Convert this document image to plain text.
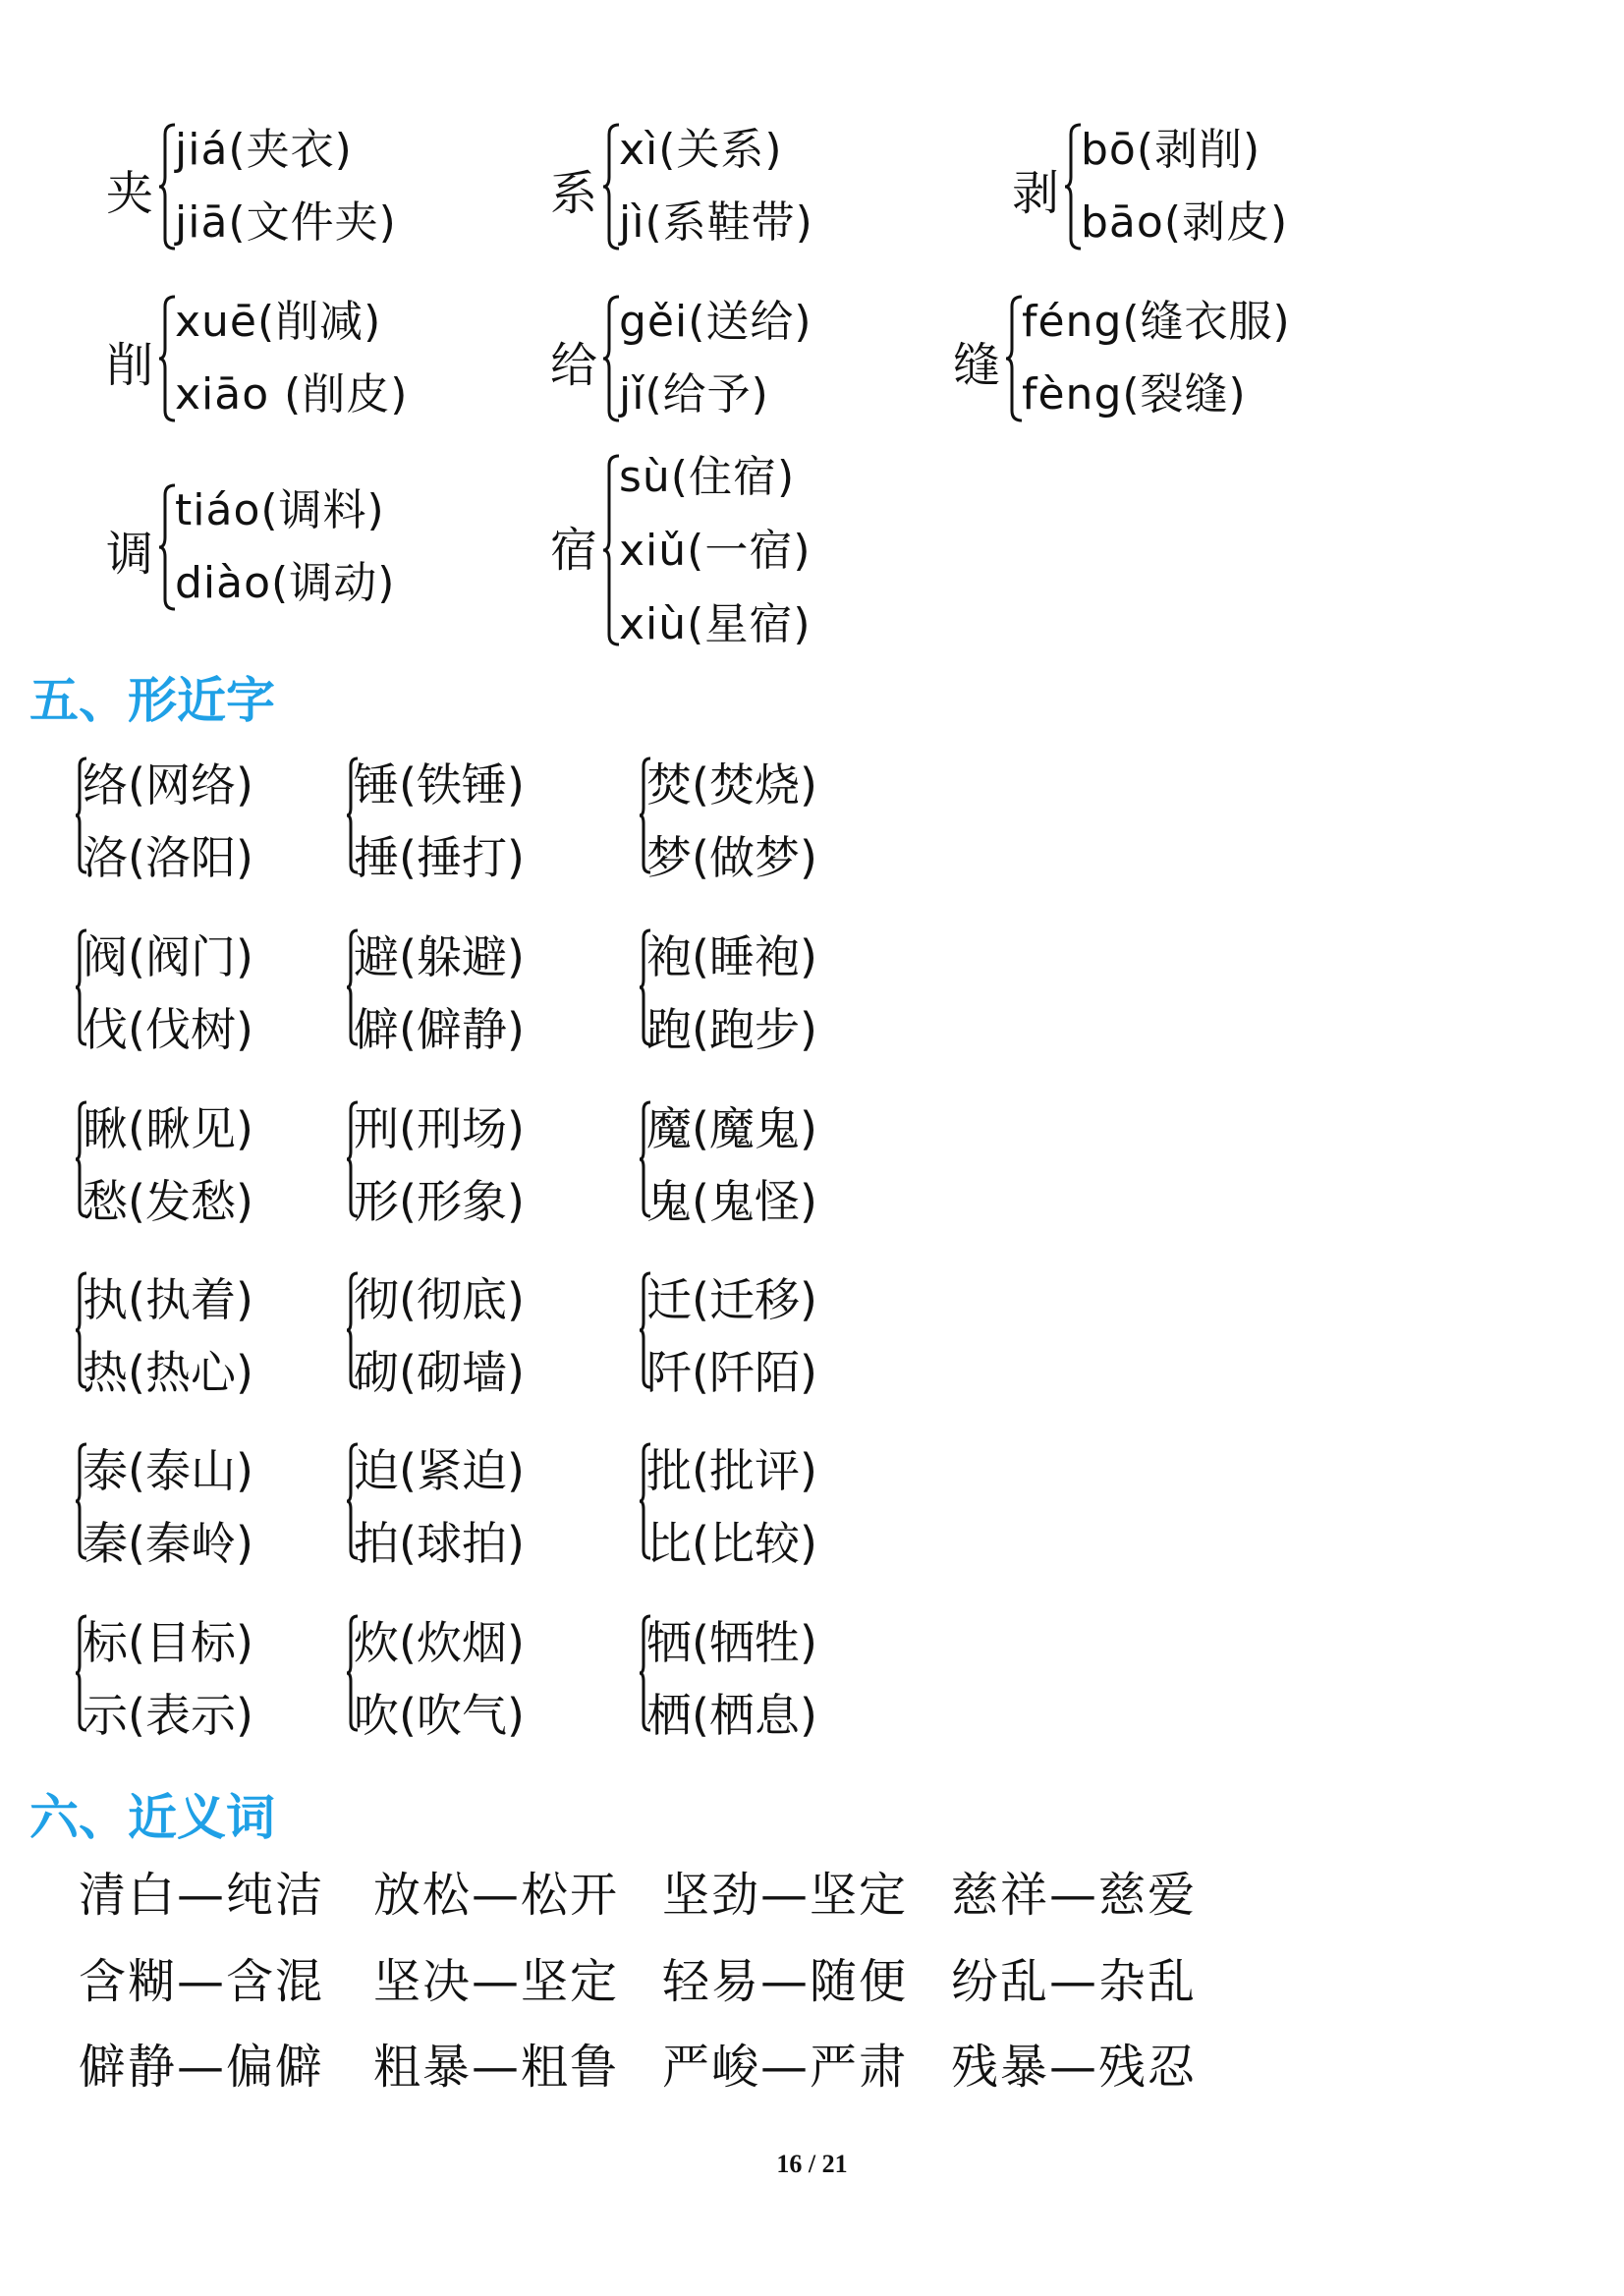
夹
jiá(夹衣)
jiā(文件夹)
系
xì(关系)
jì(系鞋带)
剥
bō(剥削)
bāo(剥皮)
削
xuē(削减)
xiāo (削皮)
给
gěi(送给)
jǐ(给予)
缝
féng(缝衣服)
fèng(裂缝)
调
tiáo(调料)
diào(调动)
宿
sù(住宿)
xiǔ(一宿)
xiù(星宿)
五、形近字
络(网络)
洛(洛阳)
锤(铁锤)
捶(捶打)
焚(焚烧)
梦(做梦)
阀(阀门)
伐(伐树)
避(躲避)
僻(僻静)
袍(睡袍)
跑(跑步)
瞅(瞅见)
愁(发愁)
刑(刑场)
形(形象)
魔(魔鬼)
鬼(鬼怪)
执(执着)
热(热心)
彻(彻底)
砌(砌墙)
迁(迁移)
阡(阡陌)
泰(泰山)
秦(秦岭)
迫(紧迫)
拍(球拍)
批(批评)
比(比较)
标(目标)
示(表示)
炊(炊烟)
吹(吹气)
牺(牺牲)
栖(栖息)
六、近义词
清白—纯洁 放松—松开 坚劲—坚定 慈祥—慈爱
含糊—含混 坚决—坚定 轻易—随便 纷乱—杂乱
僻静—偏僻 粗暴—粗鲁 严峻—严肃 残暴—残忍
16 / 21
